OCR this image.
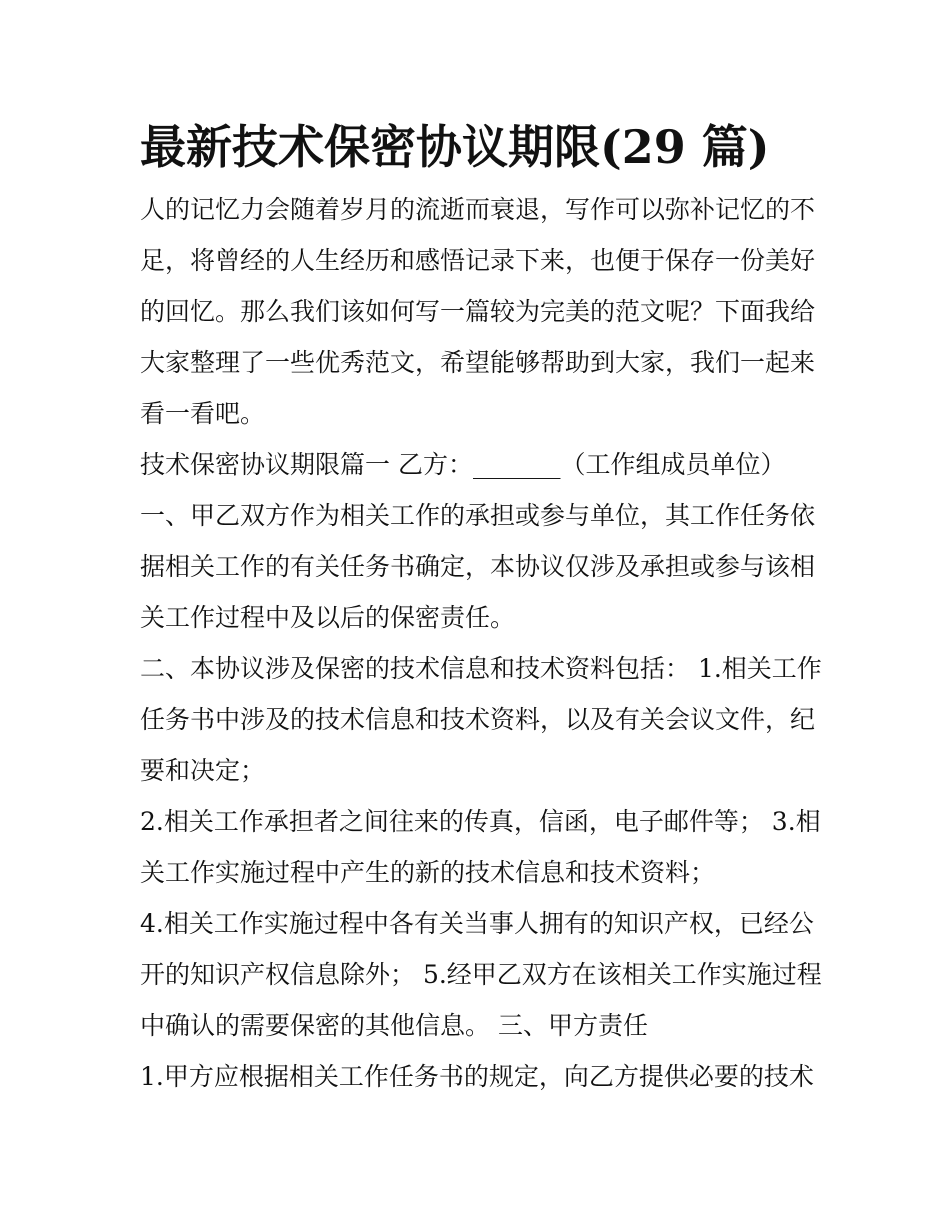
最新技术保密协议期限(29 篇)

人的记忆力会随着岁月的流逝而衰退，写作可以弥补记忆的不
足，将曾经的人生经历和感悟记录下来，也便于保存一份美好
的回忆。那么我们该如何写一篇较为完美的范文呢？下面我给
大家整理了一些优秀范文，希望能够帮助到大家，我们一起来
看一看吧。

技术保密协议期限篇一 乙方：_______（工作组成员单位）

一、甲乙双方作为相关工作的承担或参与单位，其工作任务依
据相关工作的有关任务书确定，本协议仅涉及承担或参与该相
关工作过程中及以后的保密责任。

二、本协议涉及保密的技术信息和技术资料包括： 1.相关工作
任务书中涉及的技术信息和技术资料，以及有关会议文件，纪
要和决定；

2.相关工作承担者之间往来的传真，信函，电子邮件等； 3.相
关工作实施过程中产生的新的技术信息和技术资料；

4.相关工作实施过程中各有关当事人拥有的知识产权，已经公
开的知识产权信息除外； 5.经甲乙双方在该相关工作实施过程
中确认的需要保密的其他信息。 三、甲方责任

1.甲方应根据相关工作任务书的规定，向乙方提供必要的技术
